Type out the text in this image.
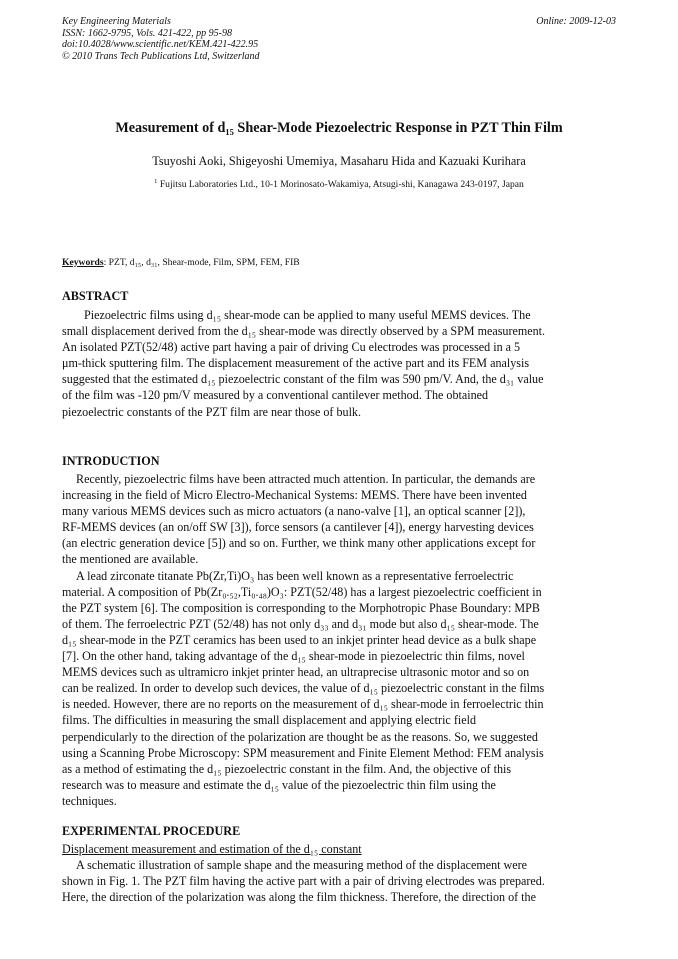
Key Engineering Materials
ISSN: 1662-9795, Vols. 421-422, pp 95-98
doi:10.4028/www.scientific.net/KEM.421-422.95
© 2010 Trans Tech Publications Ltd, Switzerland
Online: 2009-12-03
Measurement of d₁₅ Shear-Mode Piezoelectric Response in PZT Thin Film
Tsuyoshi Aoki, Shigeyoshi Umemiya, Masaharu Hida and Kazuaki Kurihara
$^1$ Fujitsu Laboratories Ltd., 10-1 Morinosato-Wakamiya, Atsugi-shi, Kanagawa 243-0197, Japan
Keywords: PZT, d₁₅, d₃₁, Shear-mode, Film, SPM, FEM, FIB
ABSTRACT
Piezoelectric films using d₁₅ shear-mode can be applied to many useful MEMS devices. The
small displacement derived from the d₁₅ shear-mode was directly observed by a SPM measurement.
An isolated PZT(52/48) active part having a pair of driving Cu electrodes was processed in a 5
μm-thick sputtering film. The displacement measurement of the active part and its FEM analysis
suggested that the estimated d₁₅ piezoelectric constant of the film was 590 pm/V. And, the d₃₁ value
of the film was -120 pm/V measured by a conventional cantilever method. The obtained
piezoelectric constants of the PZT film are near those of bulk.
INTRODUCTION
Recently, piezoelectric films have been attracted much attention. In particular, the demands are
increasing in the field of Micro Electro-Mechanical Systems: MEMS. There have been invented
many various MEMS devices such as micro actuators (a nano-valve [1], an optical scanner [2]),
RF-MEMS devices (an on/off SW [3]), force sensors (a cantilever [4]), energy harvesting devices
(an electric generation device [5]) and so on. Further, we think many other applications except for
the mentioned are available.
A lead zirconate titanate Pb(Zr,Ti)O₃ has been well known as a representative ferroelectric
material. A composition of Pb(Zr₀.₅₂,Ti₀.₄₈)O₃: PZT(52/48) has a largest piezoelectric coefficient in
the PZT system [6]. The composition is corresponding to the Morphotropic Phase Boundary: MPB
of them. The ferroelectric PZT (52/48) has not only d₃₃ and d₃₁ mode but also d₁₅ shear-mode. The
d₁₅ shear-mode in the PZT ceramics has been used to an inkjet printer head device as a bulk shape
[7]. On the other hand, taking advantage of the d₁₅ shear-mode in piezoelectric thin films, novel
MEMS devices such as ultramicro inkjet printer head, an ultraprecise ultrasonic motor and so on
can be realized. In order to develop such devices, the value of d₁₅ piezoelectric constant in the films
is needed. However, there are no reports on the measurement of d₁₅ shear-mode in ferroelectric thin
films. The difficulties in measuring the small displacement and applying electric field
perpendicularly to the direction of the polarization are thought be as the reasons. So, we suggested
using a Scanning Probe Microscopy: SPM measurement and Finite Element Method: FEM analysis
as a method of estimating the d₁₅ piezoelectric constant in the film. And, the objective of this
research was to measure and estimate the d₁₅ value of the piezoelectric thin film using the
techniques.
EXPERIMENTAL PROCEDURE
Displacement measurement and estimation of the d₁₅ constant
A schematic illustration of sample shape and the measuring method of the displacement were
shown in Fig. 1. The PZT film having the active part with a pair of driving electrodes was prepared.
Here, the direction of the polarization was along the film thickness. Therefore, the direction of the
